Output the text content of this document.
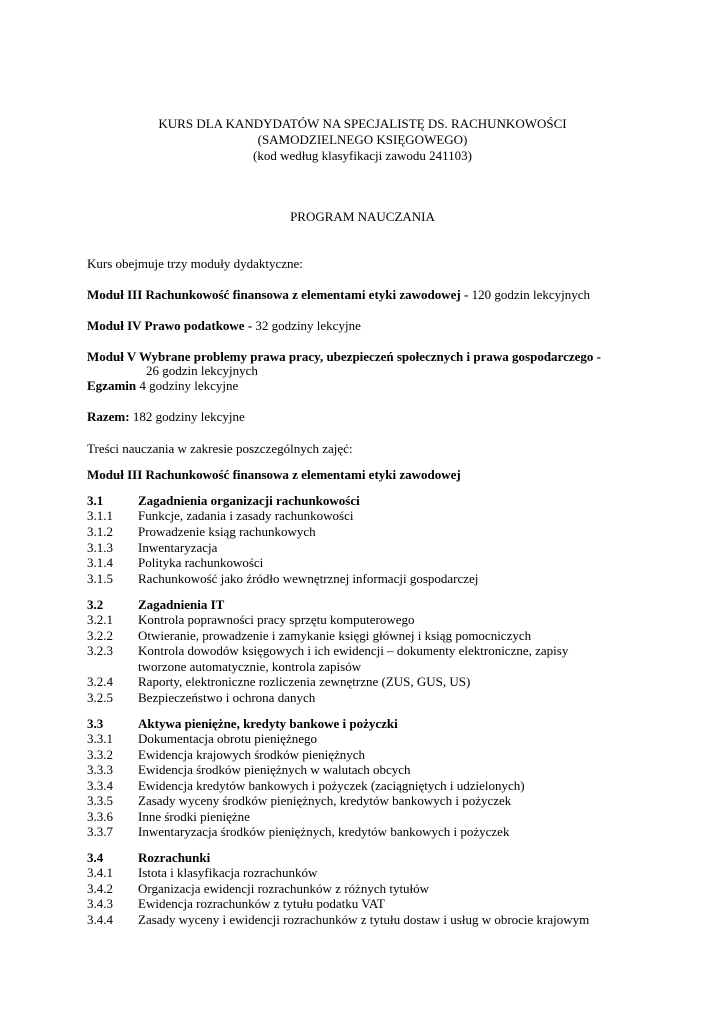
KURS DLA KANDYDATÓW NA SPECJALISTĘ DS. RACHUNKOWOŚCI
(SAMODZIELNEGO KSIĘGOWEGO)
(kod według klasyfikacji zawodu 241103)
PROGRAM NAUCZANIA
Kurs obejmuje trzy moduły dydaktyczne:
Moduł III Rachunkowość finansowa z elementami etyki zawodowej - 120 godzin lekcyjnych
Moduł IV Prawo podatkowe - 32 godziny lekcyjne
Moduł V Wybrane problemy prawa pracy, ubezpieczeń społecznych i prawa gospodarczego -
26 godzin lekcyjnych
Egzamin 4 godziny lekcyjne
Razem: 182 godziny lekcyjne
Treści nauczania w zakresie poszczególnych zajęć:
Moduł III Rachunkowość finansowa z elementami etyki zawodowej
3.1	Zagadnienia organizacji rachunkowości
3.1.1 Funkcje, zadania i zasady rachunkowości
3.1.2 Prowadzenie ksiąg rachunkowych
3.1.3 Inwentaryzacja
3.1.4 Polityka rachunkowości
3.1.5 Rachunkowość jako źródło wewnętrznej informacji gospodarczej
3.2	Zagadnienia IT
3.2.1 Kontrola poprawności pracy sprzętu komputerowego
3.2.2 Otwieranie, prowadzenie i zamykanie księgi głównej i ksiąg pomocniczych
3.2.3 Kontrola dowodów księgowych i ich ewidencji – dokumenty elektroniczne, zapisy
tworzone automatycznie, kontrola zapisów
3.2.4 Raporty, elektroniczne rozliczenia zewnętrzne (ZUS, GUS, US)
3.2.5 Bezpieczeństwo i ochrona danych
3.3	Aktywa pieniężne, kredyty bankowe i pożyczki
3.3.1 Dokumentacja obrotu pieniężnego
3.3.2 Ewidencja krajowych środków pieniężnych
3.3.3 Ewidencja środków pieniężnych w walutach obcych
3.3.4 Ewidencja kredytów bankowych i pożyczek (zaciągniętych i udzielonych)
3.3.5 Zasady wyceny środków pieniężnych, kredytów bankowych i pożyczek
3.3.6 Inne środki pieniężne
3.3.7 Inwentaryzacja środków pieniężnych, kredytów bankowych i pożyczek
3.4	Rozrachunki
3.4.1 Istota i klasyfikacja rozrachunków
3.4.2 Organizacja ewidencji rozrachunków z różnych tytułów
3.4.3 Ewidencja rozrachunków z tytułu podatku VAT
3.4.4 Zasady wyceny i ewidencji rozrachunków z tytułu dostaw i usług w obrocie krajowym
